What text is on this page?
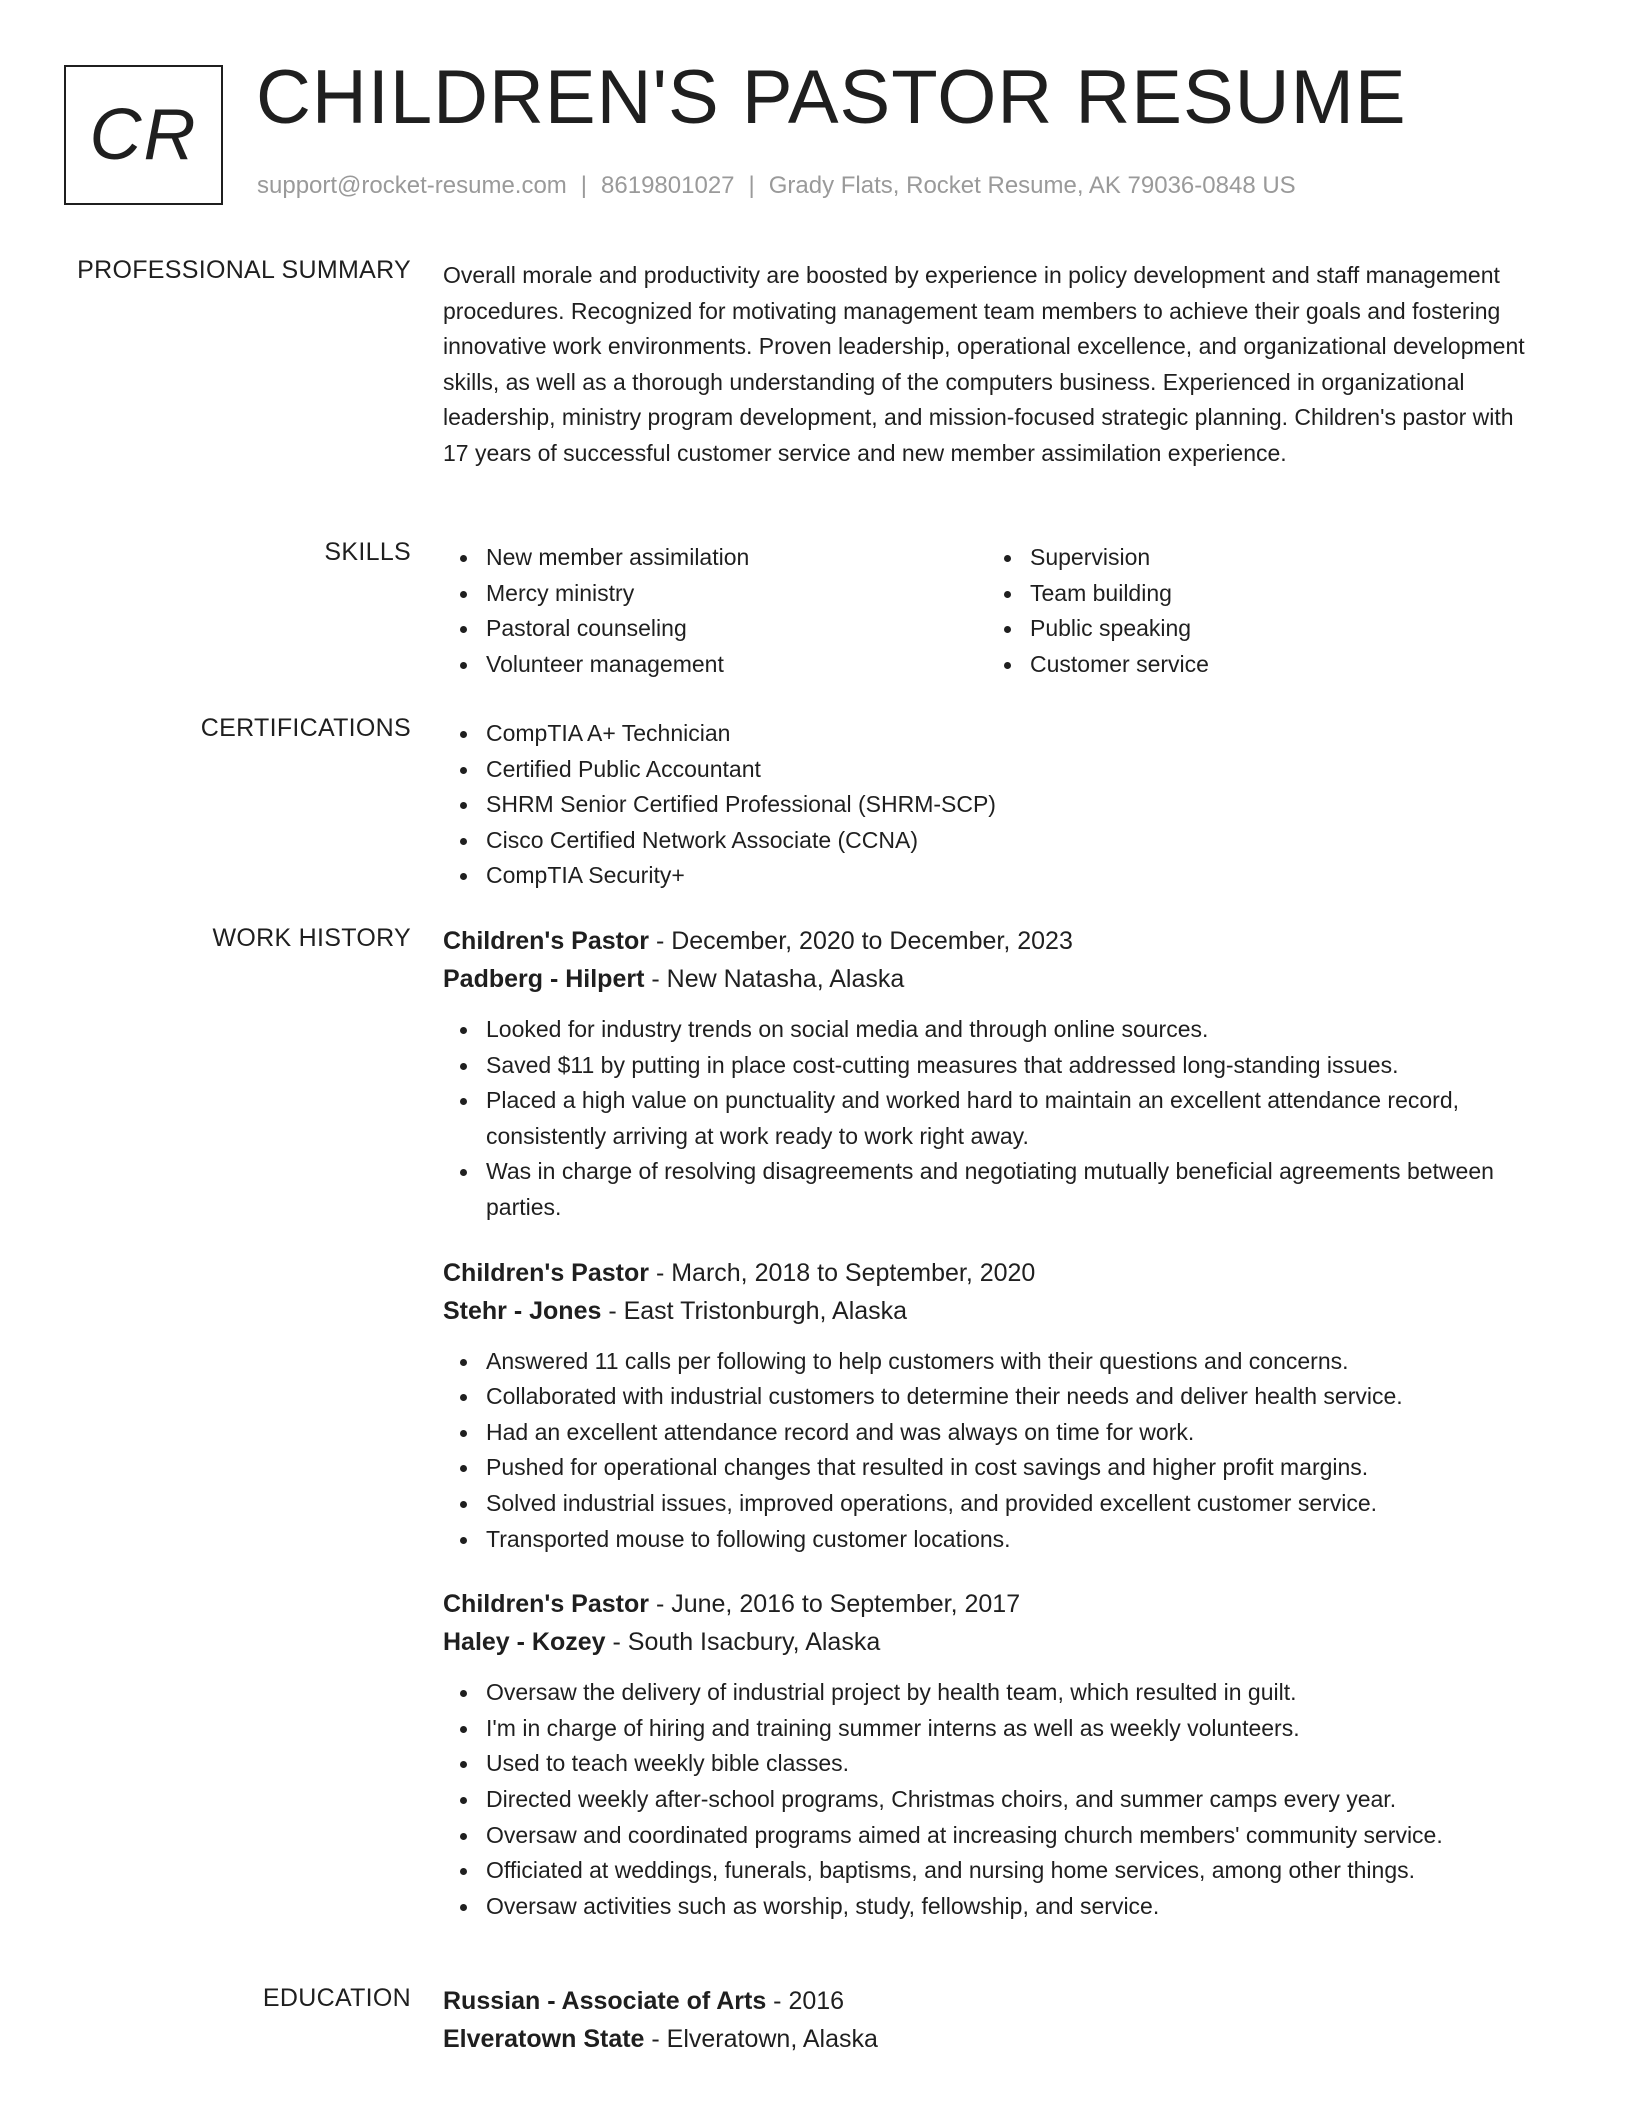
CR CHILDREN'S PASTOR RESUME
support@rocket-resume.com | 8619801027 | Grady Flats, Rocket Resume, AK 79036-0848 US
PROFESSIONAL SUMMARY Overall morale and productivity are boosted by experience in policy development and staff management procedures. Recognized for motivating management team members to achieve their goals and fostering innovative work environments. Proven leadership, operational excellence, and organizational development skills, as well as a thorough understanding of the computers business. Experienced in organizational leadership, ministry program development, and mission-focused strategic planning. Children's pastor with 17 years of successful customer service and new member assimilation experience.

SKILLS	New member assimilation
Mercy ministry
Pastoral counseling
Volunteer management
Supervision
Team building
Public speaking
Customer service
CERTIFICATIONS	CompTIA A+ Technician
Certified Public Accountant
SHRM Senior Certified Professional (SHRM-SCP)
Cisco Certified Network Associate (CCNA)
CompTIA Security+
WORK HISTORY Children's Pastor - December, 2020 to December, 2023
Padberg - Hilpert - New Natasha, Alaska
Looked for industry trends on social media and through online sources.
Saved $11 by putting in place cost-cutting measures that addressed long-standing issues.
Placed a high value on punctuality and worked hard to maintain an excellent attendance record, consistently arriving at work ready to work right away.
Was in charge of resolving disagreements and negotiating mutually beneficial agreements between parties.
Children's Pastor - March, 2018 to September, 2020
Stehr - Jones - East Tristonburgh, Alaska
Answered 11 calls per following to help customers with their questions and concerns.
Collaborated with industrial customers to determine their needs and deliver health service.
Had an excellent attendance record and was always on time for work.
Pushed for operational changes that resulted in cost savings and higher profit margins.
Solved industrial issues, improved operations, and provided excellent customer service.
Transported mouse to following customer locations.
Children's Pastor - June, 2016 to September, 2017
Haley - Kozey - South Isacbury, Alaska
Oversaw the delivery of industrial project by health team, which resulted in guilt.
I'm in charge of hiring and training summer interns as well as weekly volunteers.
Used to teach weekly bible classes.
Directed weekly after-school programs, Christmas choirs, and summer camps every year.
Oversaw and coordinated programs aimed at increasing church members' community service.
Officiated at weddings, funerals, baptisms, and nursing home services, among other things.
Oversaw activities such as worship, study, fellowship, and service.
EDUCATION Russian - Associate of Arts - 2016
Elveratown State - Elveratown, Alaska
